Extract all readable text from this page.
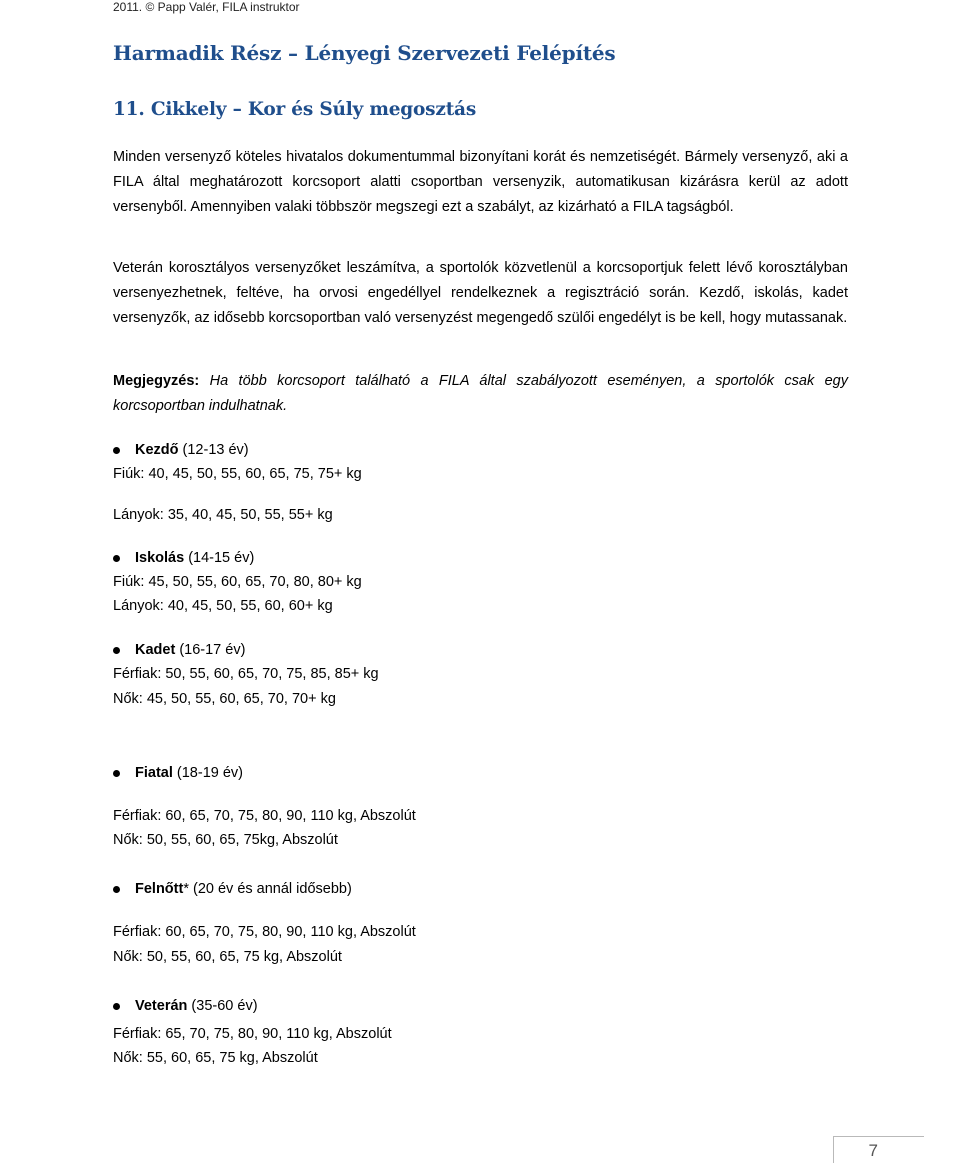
2011. © Papp Valér, FILA instruktor
Harmadik Rész – Lényegi Szervezeti Felépítés
11. Cikkely – Kor és Súly megosztás
Minden versenyző köteles hivatalos dokumentummal bizonyítani korát és nemzetiségét. Bármely versenyző, aki a FILA által meghatározott korcsoport alatti csoportban versenyzik, automatikusan kizárásra kerül az adott versenyből. Amennyiben valaki többször megszegi ezt a szabályt, az kizárható a FILA tagságból.
Veterán korosztályos versenyzőket leszámítva, a sportolók közvetlenül a korcsoportjuk felett lévő korosztályban versenyezhetnek, feltéve, ha orvosi engedéllyel rendelkeznek a regisztráció során. Kezdő, iskolás, kadet versenyzők, az idősebb korcsoportban való versenyzést megengedő szülői engedélyt is be kell, hogy mutassanak.
Megjegyzés: Ha több korcsoport található a FILA által szabályozott eseményen, a sportolók csak egy korcsoportban indulhatnak.
Kezdő (12-13 év)
Fiúk: 40, 45, 50, 55, 60, 65, 75, 75+ kg
Lányok: 35, 40, 45, 50, 55, 55+ kg
Iskolás (14-15 év)
Fiúk: 45, 50, 55, 60, 65, 70, 80, 80+ kg
Lányok: 40, 45, 50, 55, 60, 60+ kg
Kadet (16-17 év)
Férfiak: 50, 55, 60, 65, 70, 75, 85, 85+ kg
Nők: 45, 50, 55, 60, 65, 70, 70+ kg
Fiatal (18-19 év)
Férfiak: 60, 65, 70, 75, 80, 90, 110 kg, Abszolút
Nők: 50, 55, 60, 65, 75kg, Abszolút
Felnőtt* (20 év és annál idősebb)
Férfiak: 60, 65, 70, 75, 80, 90, 110 kg, Abszolút
Nők: 50, 55, 60, 65, 75 kg, Abszolút
Veterán (35-60 év)
Férfiak: 65, 70, 75, 80, 90, 110 kg, Abszolút
Nők: 55, 60, 65, 75 kg, Abszolút
7
